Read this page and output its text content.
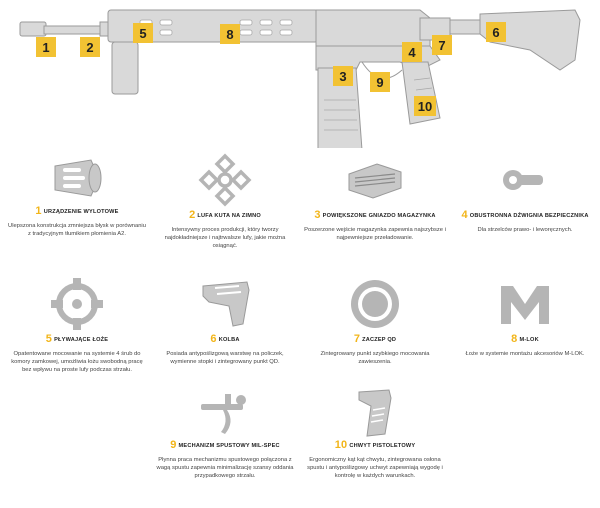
1	2
3
4
5	6
7
8
9
10
1 URZĄDZENIE WYLOTOWE
Ulepszona konstrukcja zmniejsza błysk w porównaniu z tradycyjnym tłumikiem płomienia A2.
2 LUFA KUTA NA ZIMNO
Intensywny proces produkcji, który tworzy najdokładniejsze i najtrwalsze lufy, jakie można osiągnąć.
3 POWIĘKSZONE GNIAZDO MAGAZYNKA
Poszerzone wejście magazynka zapewnia najszybsze i najpewniejsze przeładowanie.
4 OBUSTRONNA DŹWIGNIA BEZPIECZNIKA
Dla strzelców prawo- i leworęcznych.
5 PŁYWAJĄCE ŁOŻE
Opatentowane mocowanie na systemie 4 śrub do komory zamkowej, umożliwia łożu swobodną pracę bez wpływu na proste lufy podczas strzału.
6 KOLBA
Posiada antypoślizgową warstwę na policzek, wymienne stopki i zintegrowany punkt QD.
7 ZACZEP QD
Zintegrowany punkt szybkiego mocowania zawieszenia.
8 M-LOK
Łoże w systemie montażu akcesoriów M-LOK.
9 MECHANIZM SPUSTOWY MIL-SPEC
Płynna praca mechanizmu spustowego połączona z wagą spustu zapewnia minimalizację szansy oddania przypadkowego strzału.
10 CHWYT PISTOLETOWY
Ergonomiczny kąt kąt chwytu, zintegrowana osłona spustu i antypoślizgowy uchwyt zapewniają wygodę i kontrolę w każdych warunkach.
